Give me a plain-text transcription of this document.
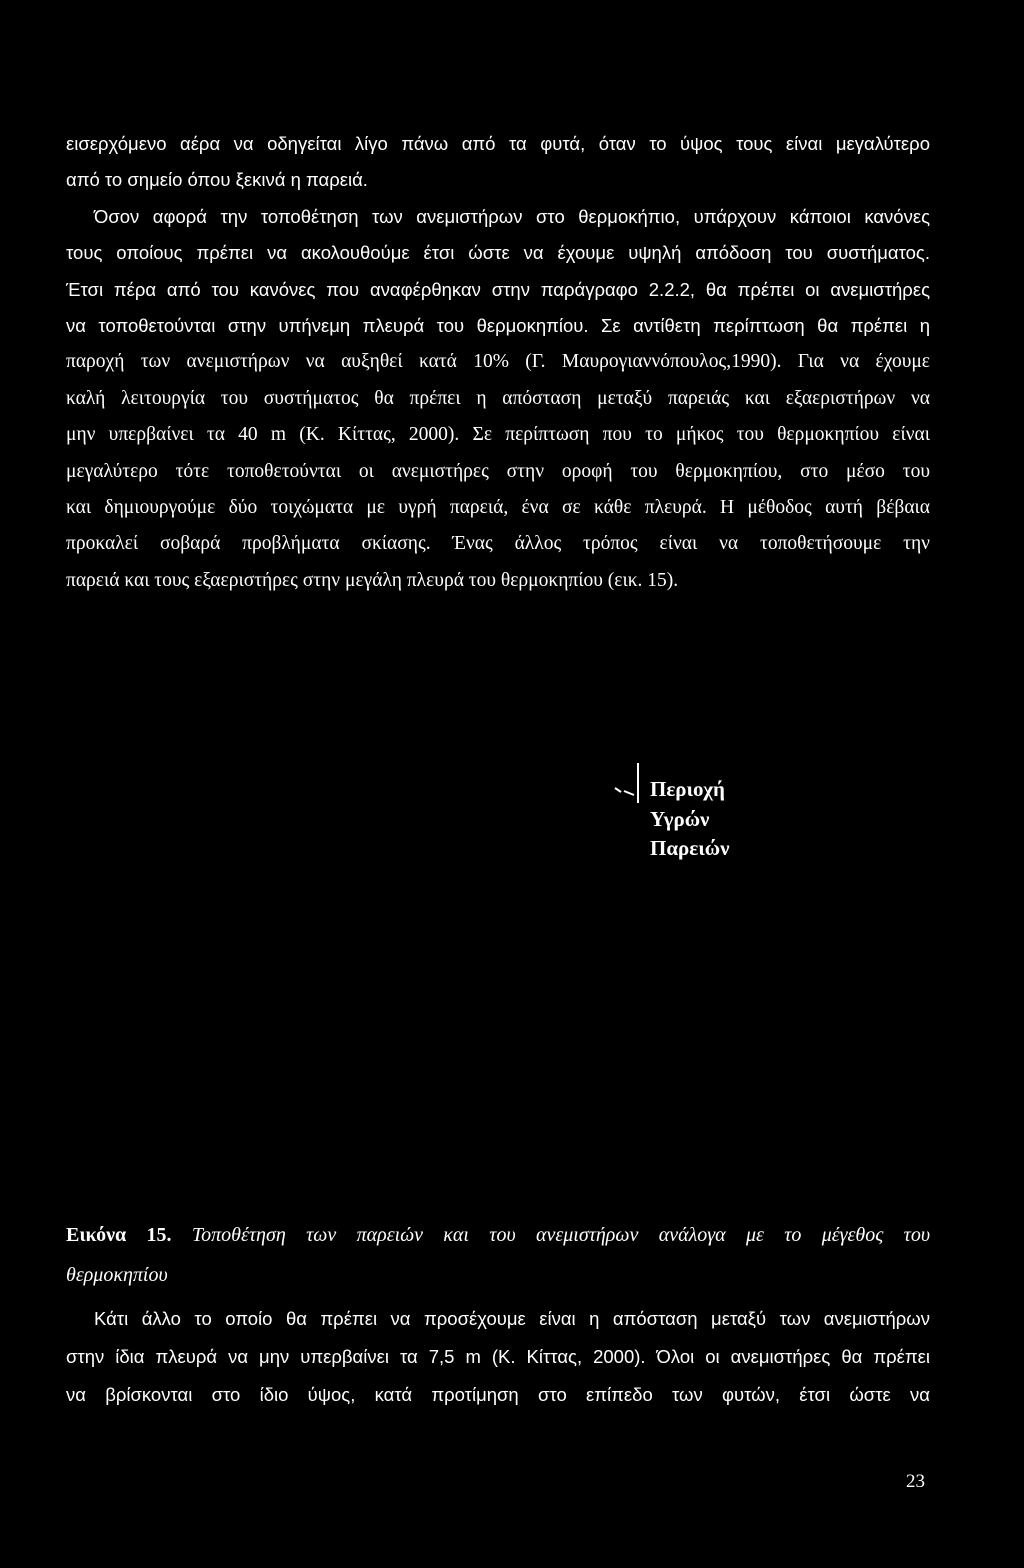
εισερχόμενο αέρα να οδηγείται λίγο πάνω από τα φυτά, όταν το ύψος τους είναι μεγαλύτερο
από το σημείο όπου ξεκινά η παρειά.
Όσον αφορά την τοποθέτηση των ανεμιστήρων στο θερμοκήπιο, υπάρχουν κάποιοι κανόνες
τους οποίους πρέπει να ακολουθούμε έτσι ώστε να έχουμε υψηλή απόδοση του συστήματος.
Έτσι πέρα από του κανόνες που αναφέρθηκαν στην παράγραφο 2.2.2, θα πρέπει οι ανεμιστήρες
να τοποθετούνται στην υπήνεμη πλευρά του θερμοκηπίου. Σε αντίθετη περίπτωση θα πρέπει η
παροχή των ανεμιστήρων να αυξηθεί κατά 10% (Γ. Μαυρογιαννόπουλος,1990). Για να έχουμε
καλή λειτουργία του συστήματος θα πρέπει η απόσταση μεταξύ παρειάς και εξαεριστήρων να
μην υπερβαίνει τα 40 m (Κ. Κίττας, 2000). Σε περίπτωση που το μήκος του θερμοκηπίου είναι
μεγαλύτερο τότε τοποθετούνται οι ανεμιστήρες στην οροφή του θερμοκηπίου, στο μέσο του
και δημιουργούμε δύο τοιχώματα με υγρή παρειά, ένα σε κάθε πλευρά. Η μέθοδος αυτή βέβαια
προκαλεί σοβαρά προβλήματα σκίασης. Ένας άλλος τρόπος είναι να τοποθετήσουμε την
παρειά και τους εξαεριστήρες στην μεγάλη πλευρά του θερμοκηπίου (εικ. 15).

Περιοχή
Υγρών
Παρειών

Εικόνα 15. Τοποθέτηση των παρειών και του ανεμιστήρων ανάλογα με το μέγεθος του
θερμοκηπίου

Κάτι άλλο το οποίο θα πρέπει να προσέχουμε είναι η απόσταση μεταξύ των ανεμιστήρων
στην ίδια πλευρά να μην υπερβαίνει τα 7,5 m (Κ. Κίττας, 2000). Όλοι οι ανεμιστήρες θα πρέπει
να βρίσκονται στο ίδιο ύψος, κατά προτίμηση στο επίπεδο των φυτών, έτσι ώστε να

23
